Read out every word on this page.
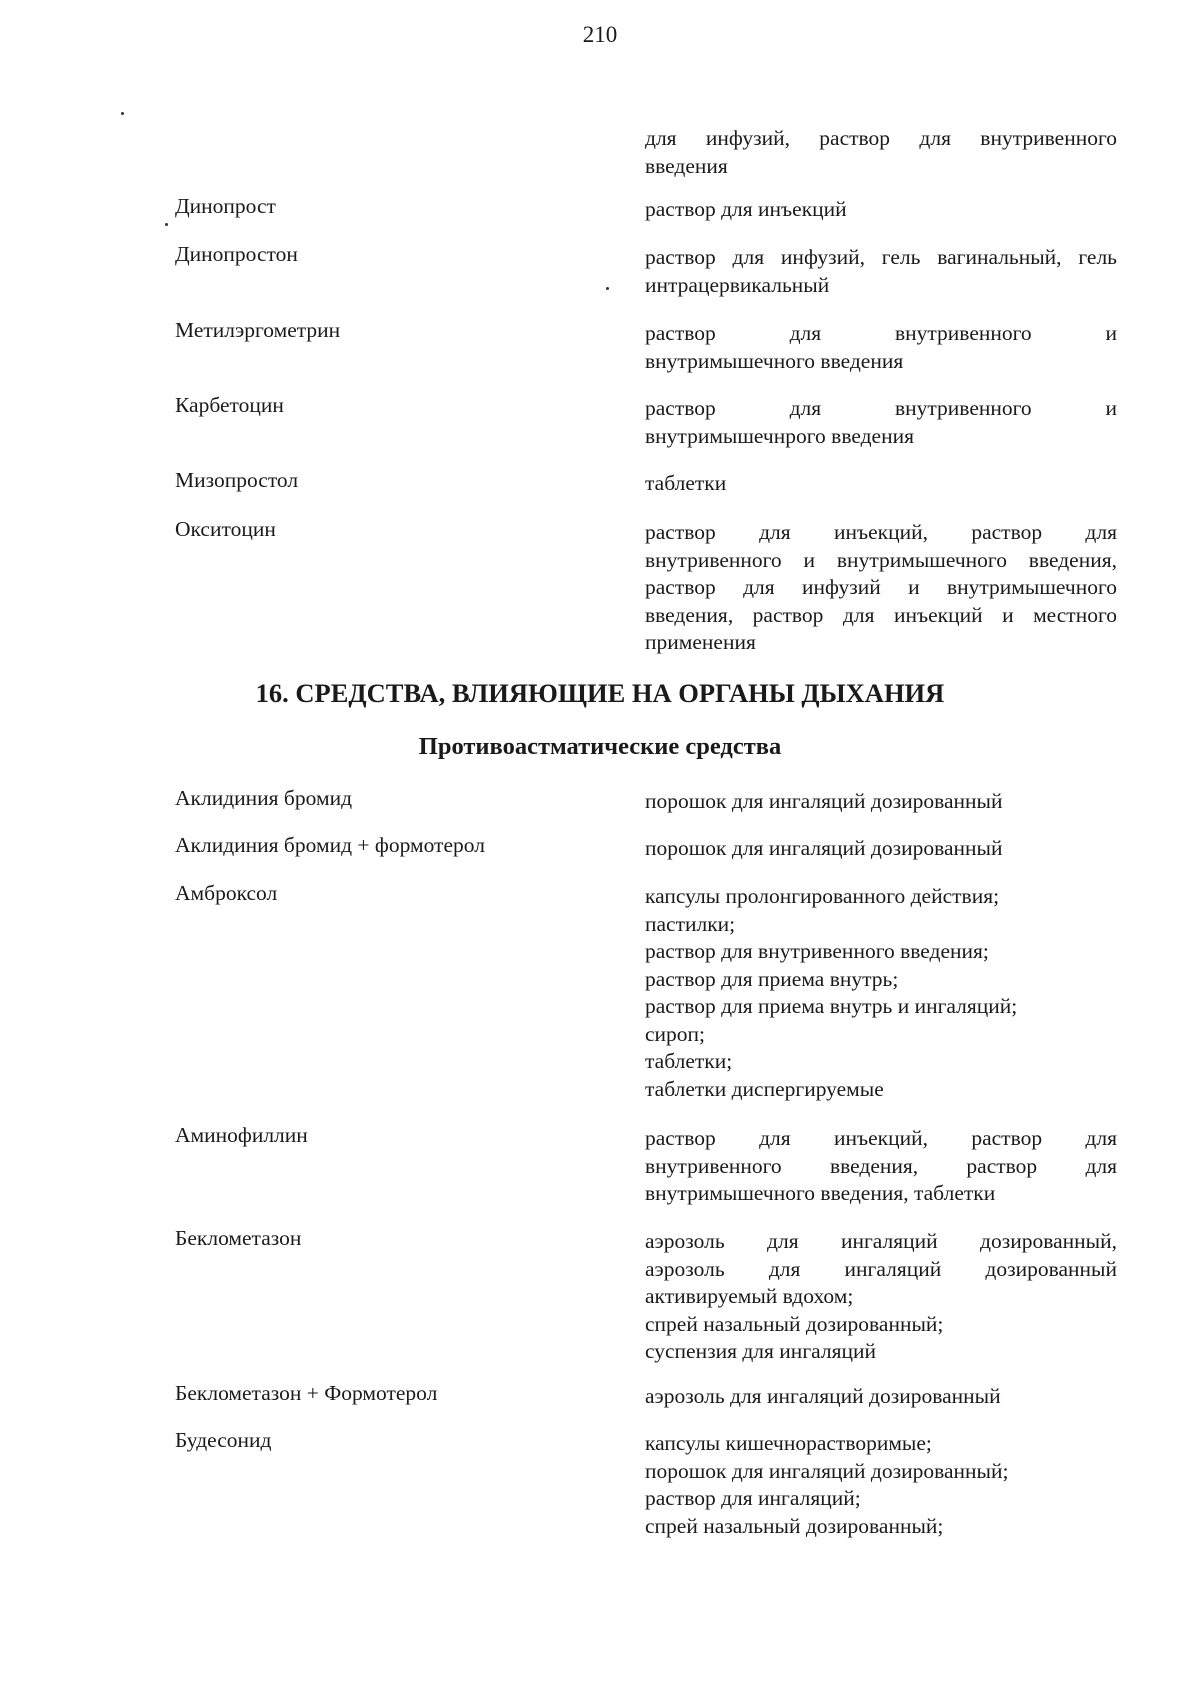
210
для инфузий, раствор для внутривенного
введения
Динопрост	раствор для инъекций
Динопростон	раствор для инфузий, гель вагинальный, гель
интрацервикальный
Метилэргометрин	раствор для внутривенного и
внутримышечного введения
Карбетоцин	раствор для внутривенного и
внутримышечнрого введения
Мизопростол	таблетки
Окситоцин	раствор для инъекций, раствор для
внутривенного и внутримышечного введения,
раствор для инфузий и внутримышечного
введения, раствор для инъекций и местного
применения
16. СРЕДСТВА, ВЛИЯЮЩИЕ НА ОРГАНЫ ДЫХАНИЯ
Противоастматические средства
Аклидиния бромид	порошок для ингаляций дозированный
Аклидиния бромид + формотерол	порошок для ингаляций дозированный
Амброксол	капсулы пролонгированного действия;
пастилки;
раствор для внутривенного введения;
раствор для приема внутрь;
раствор для приема внутрь и ингаляций;
сироп;
таблетки;
таблетки диспергируемые
Аминофиллин	раствор для инъекций, раствор для
внутривенного введения, раствор для
внутримышечного введения, таблетки
Беклометазон	аэрозоль для ингаляций дозированный,
аэрозоль для ингаляций дозированный
активируемый вдохом;
спрей назальный дозированный;
суспензия для ингаляций
Беклометазон + Формотерол	аэрозоль для ингаляций дозированный
Будесонид	капсулы кишечнорастворимые;
порошок для ингаляций дозированный;
раствор для ингаляций;
спрей назальный дозированный;
